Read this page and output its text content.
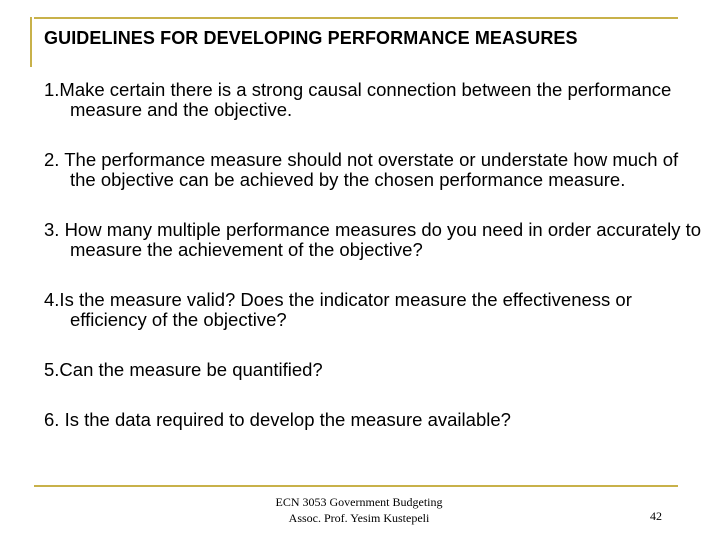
GUIDELINES FOR DEVELOPING PERFORMANCE MEASURES
1.Make certain there is a strong causal connection between the performance measure and the objective.
2. The performance measure should not overstate or understate how much of the objective can be achieved by the chosen performance measure.
3. How many multiple performance measures do you need in order accurately to measure the achievement of the objective?
4.Is the measure valid? Does the indicator measure the effectiveness or efficiency of the objective?
5.Can the measure be quantified?
6. Is the data required to develop the measure available?
ECN 3053 Government Budgeting
Assoc. Prof. Yesim Kustepeli	42
